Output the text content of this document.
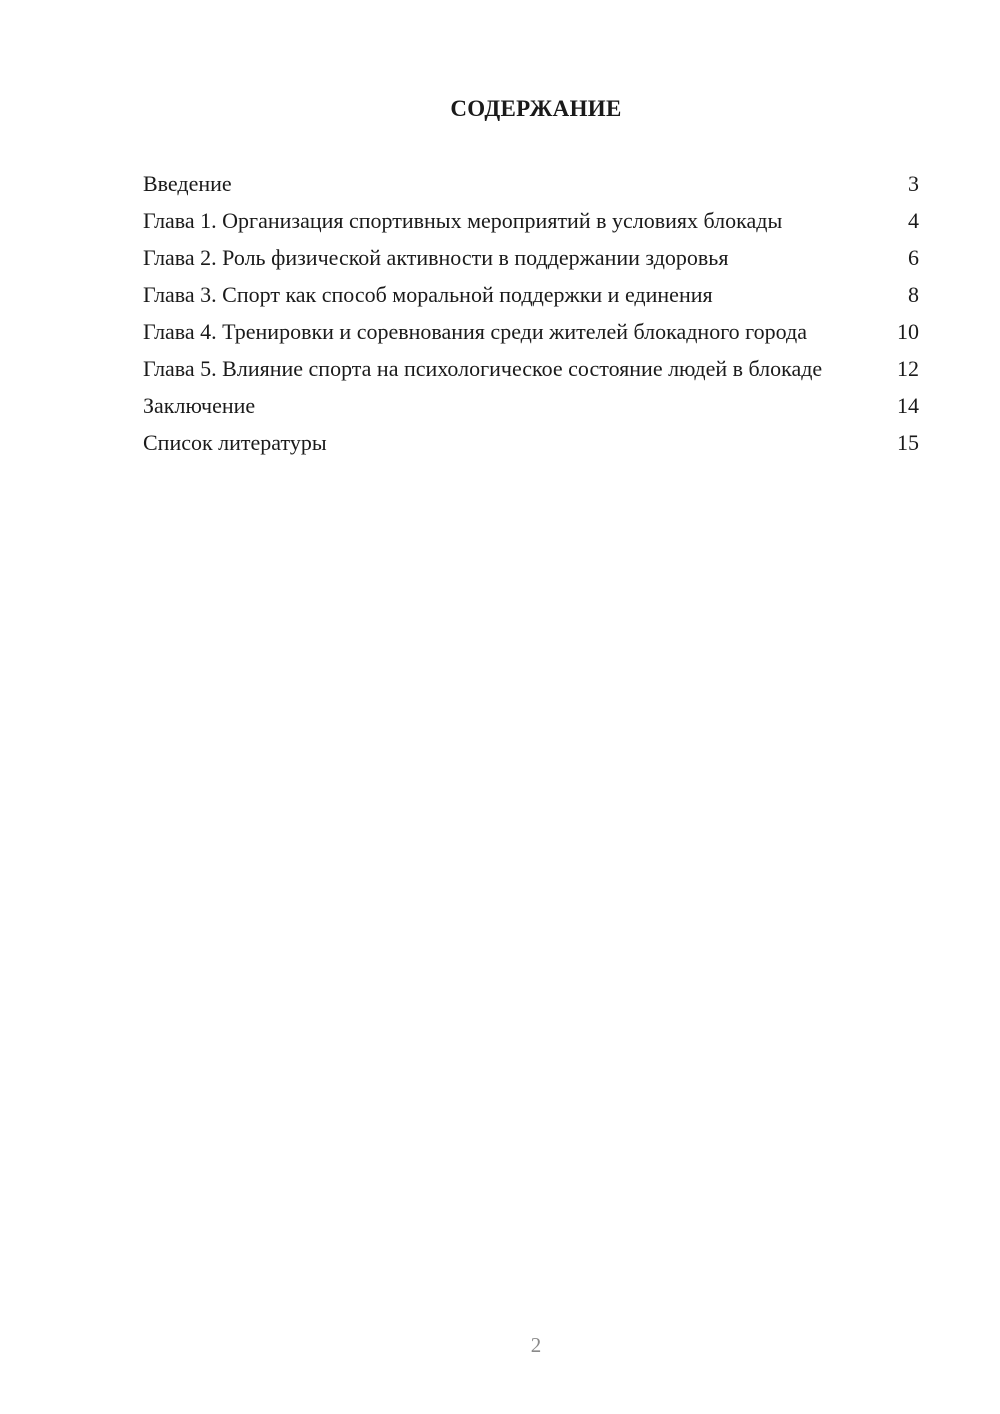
СОДЕРЖАНИЕ
Введение	3
Глава 1. Организация спортивных мероприятий в условиях блокады	4
Глава 2. Роль физической активности в поддержании здоровья	6
Глава 3. Спорт как способ моральной поддержки и единения	8
Глава 4. Тренировки и соревнования среди жителей блокадного города	10
Глава 5. Влияние спорта на психологическое состояние людей в блокаде	12
Заключение	14
Список литературы	15
2
